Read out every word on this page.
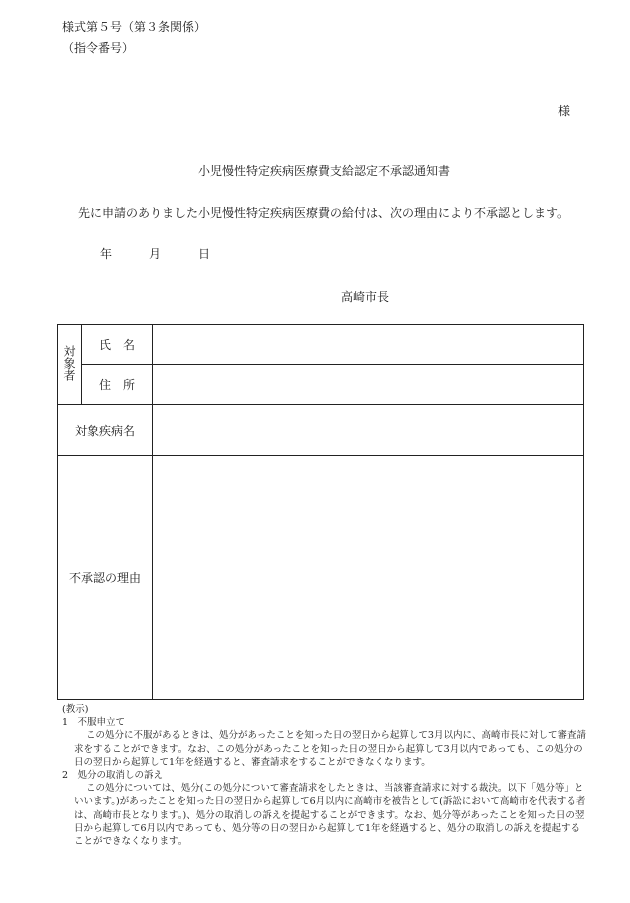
様式第５号（第３条関係）
（指令番号）
様
小児慢性特定疾病医療費支給認定不承認通知書
先に申請のありました小児慢性特定疾病医療費の給付は、次の理由により不承認とします。
年	月	日
高崎市長
対象者	氏　名	
	住　所	
対象疾病名		
不承認の理由		

(教示)

1　不服申立て

この処分に不服があるときは、処分があったことを知った日の翌日から起算して3月以内に、高崎市長に対して審査請求をすることができます。なお、この処分があったことを知った日の翌日から起算して3月以内であっても、この処分の日の翌日から起算して1年を経過すると、審査請求をすることができなくなります。

2　処分の取消しの訴え

この処分については、処分(この処分について審査請求をしたときは、当該審査請求に対する裁決。以下「処分等」といいます。)があったことを知った日の翌日から起算して6月以内に高崎市を被告として(訴訟において高崎市を代表する者は、高崎市長となります。)、処分の取消しの訴えを提起することができます。なお、処分等があったことを知った日の翌日から起算して6月以内であっても、処分等の日の翌日から起算して1年を経過すると、処分の取消しの訴えを提起することができなくなります。
